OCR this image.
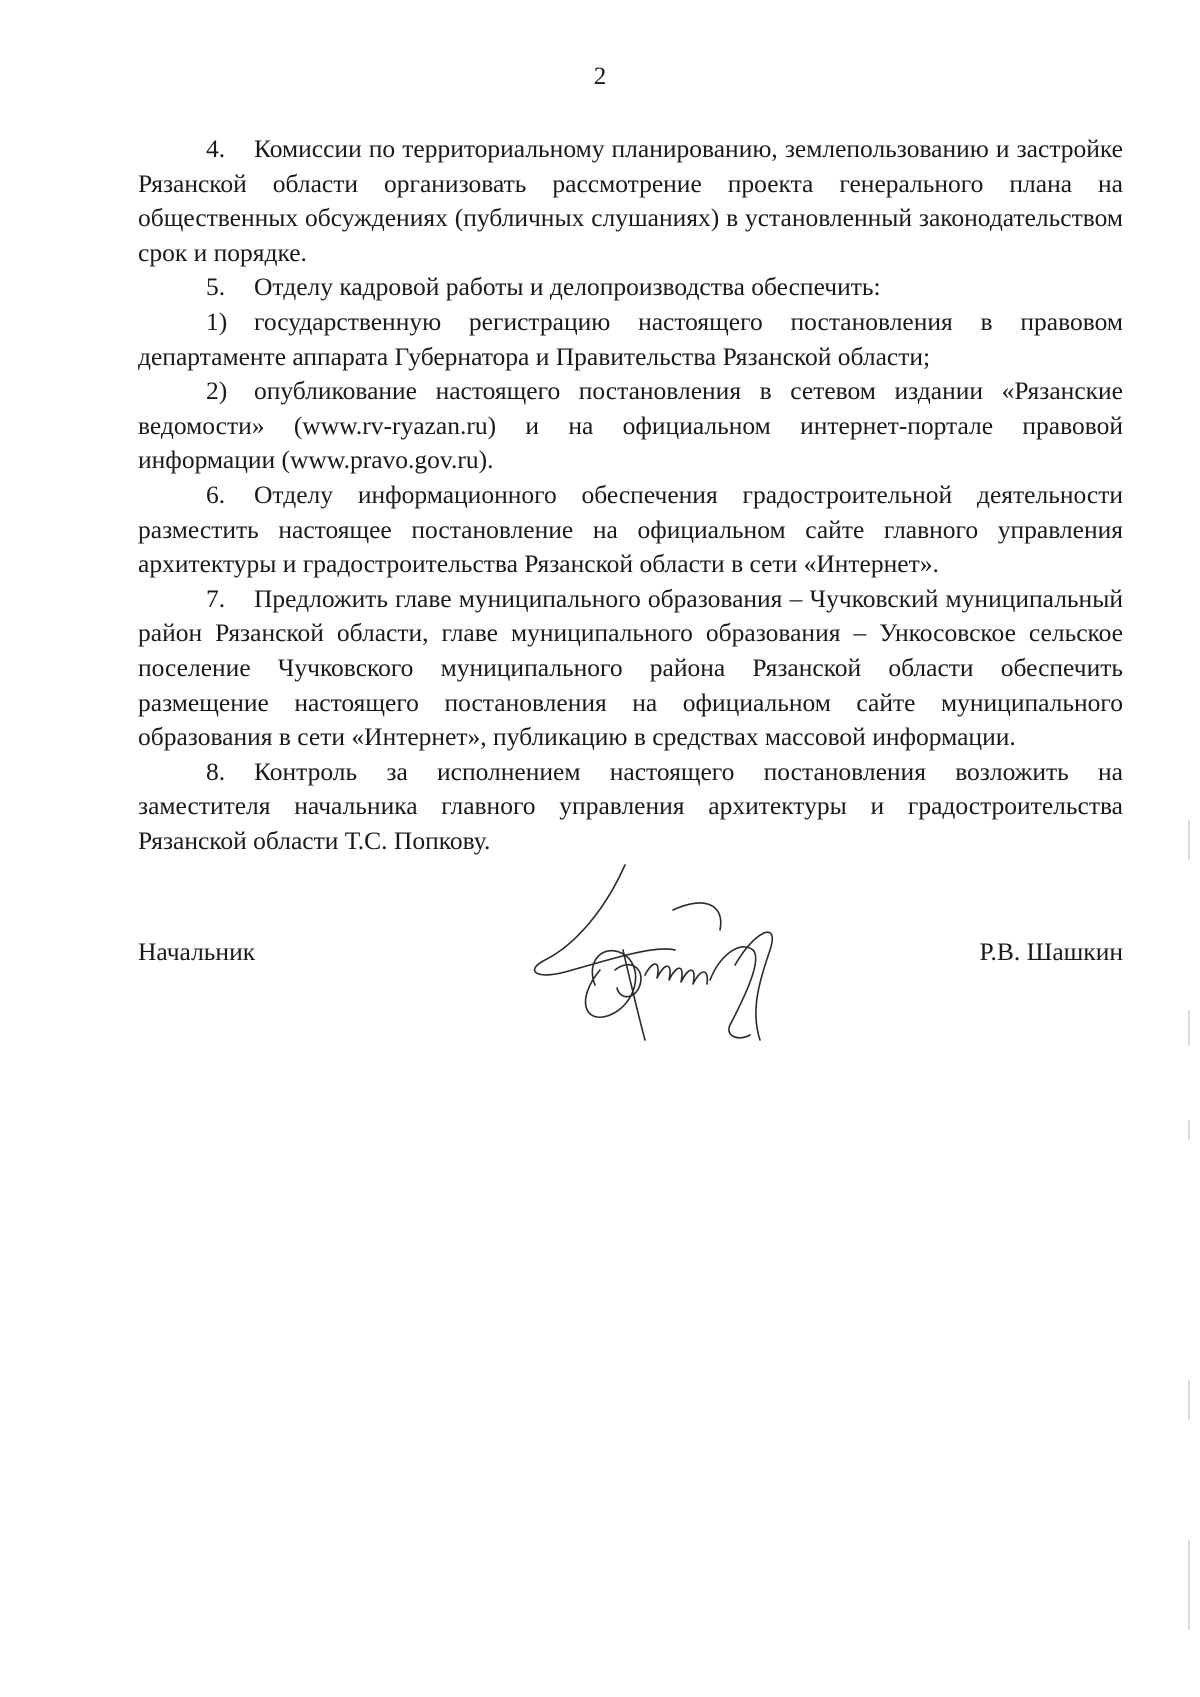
2

4. Комиссии по территориальному планированию, землепользованию и застройке Рязанской области организовать рассмотрение проекта генерального плана на общественных обсуждениях (публичных слушаниях) в установленный законодательством срок и порядке.

5. Отделу кадровой работы и делопроизводства обеспечить:

1) государственную регистрацию настоящего постановления в правовом департаменте аппарата Губернатора и Правительства Рязанской области;

2) опубликование настоящего постановления в сетевом издании «Рязанские ведомости» (www.rv-ryazan.ru) и на официальном интернет-портале правовой информации (www.pravo.gov.ru).

6. Отделу информационного обеспечения градостроительной деятельности разместить настоящее постановление на официальном сайте главного управления архитектуры и градостроительства Рязанской области в сети «Интернет».

7. Предложить главе муниципального образования – Чучковский муниципальный район Рязанской области, главе муниципального образования – Ункосовское сельское поселение Чучковского муниципального района Рязанской области обеспечить размещение настоящего постановления на официальном сайте муниципального образования в сети «Интернет», публикацию в средствах массовой информации.

8. Контроль за исполнением настоящего постановления возложить на заместителя начальника главного управления архитектуры и градостроительства Рязанской области Т.С. Попкову.

Начальник	Р.В. Шашкин
